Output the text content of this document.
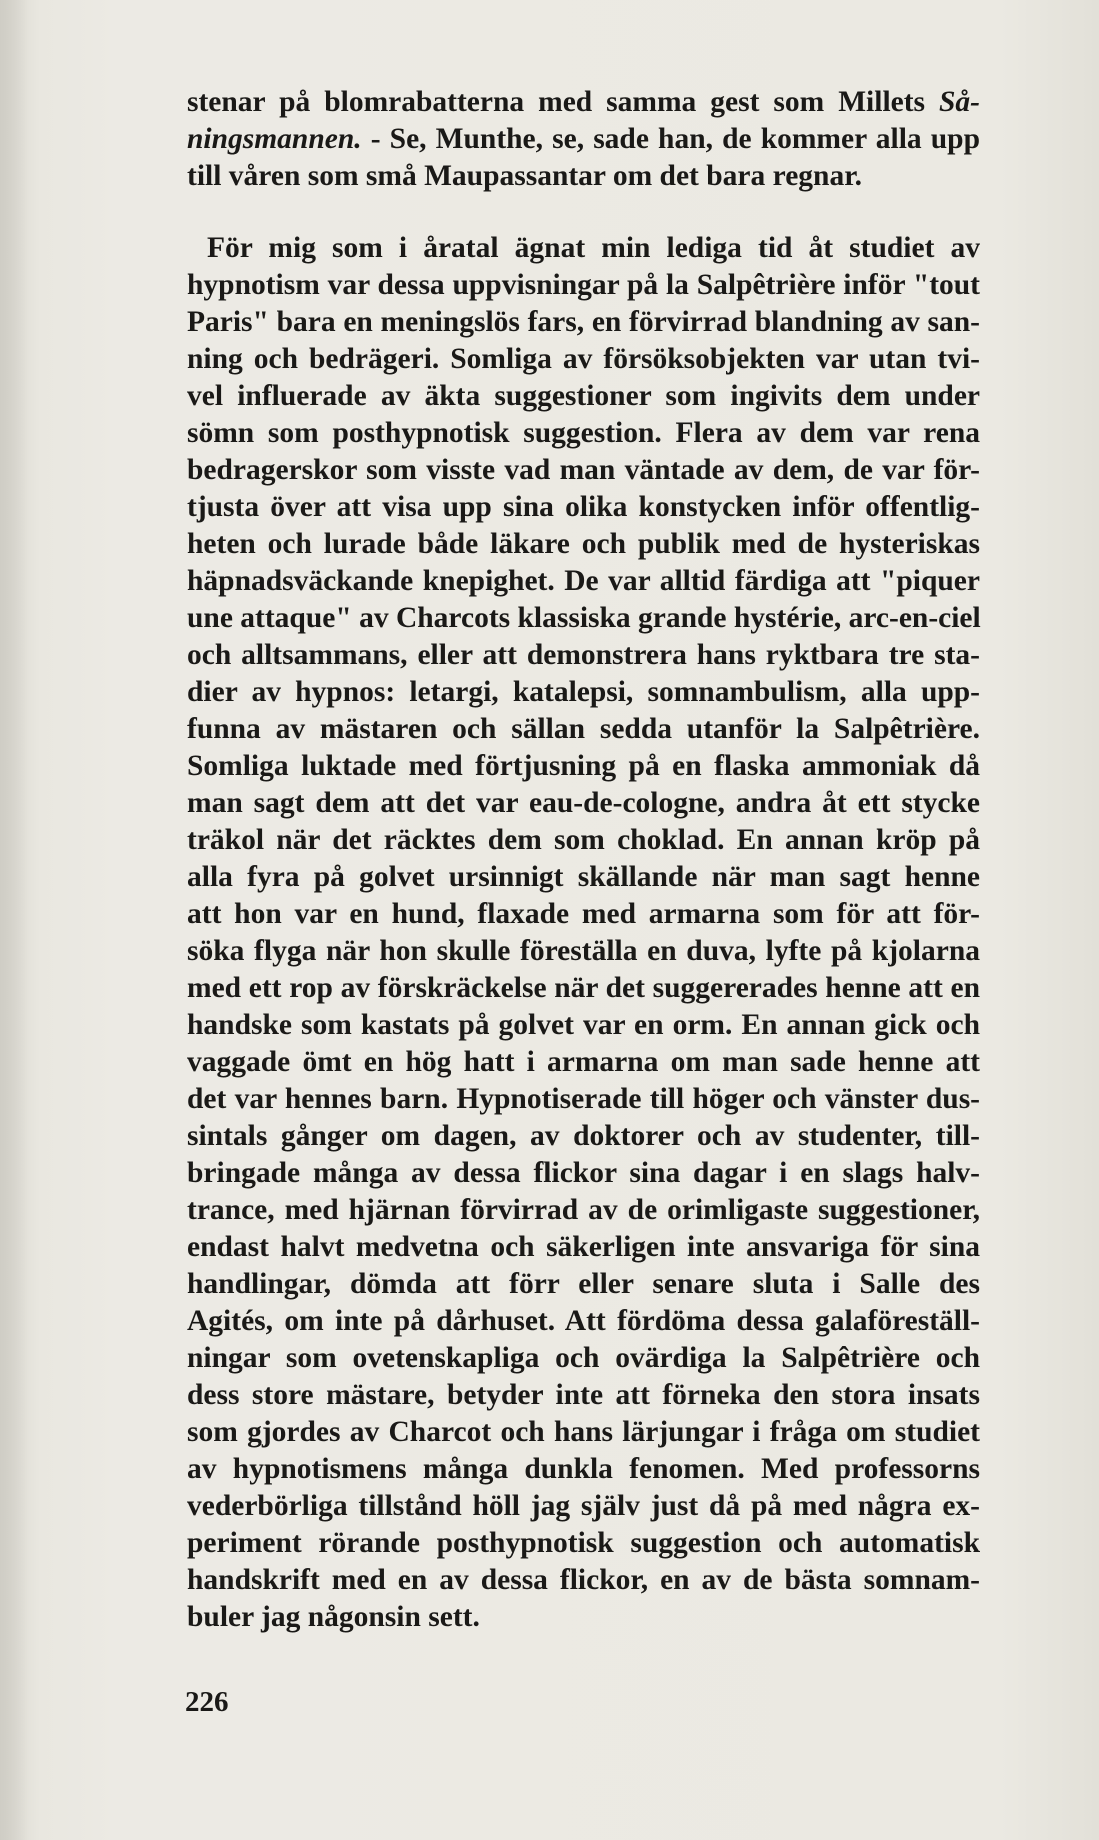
stenar på blomrabatterna med samma gest som Millets Så-
ningsmannen. - Se, Munthe, se, sade han, de kommer alla upp
till våren som små Maupassantar om det bara regnar.
För mig som i åratal ägnat min lediga tid åt studiet av
hypnotism var dessa uppvisningar på la Salpêtrière inför "tout
Paris" bara en meningslös fars, en förvirrad blandning av san-
ning och bedrägeri. Somliga av försöksobjekten var utan tvi-
vel influerade av äkta suggestioner som ingivits dem under
sömn som posthypnotisk suggestion. Flera av dem var rena
bedragerskor som visste vad man väntade av dem, de var för-
tjusta över att visa upp sina olika konstycken inför offentlig-
heten och lurade både läkare och publik med de hysteriskas
häpnadsväckande knepighet. De var alltid färdiga att "piquer
une attaque" av Charcots klassiska grande hystérie, arc-en-ciel
och alltsammans, eller att demonstrera hans ryktbara tre sta-
dier av hypnos: letargi, katalepsi, somnambulism, alla upp-
funna av mästaren och sällan sedda utanför la Salpêtrière.
Somliga luktade med förtjusning på en flaska ammoniak då
man sagt dem att det var eau-de-cologne, andra åt ett stycke
träkol när det räcktes dem som choklad. En annan kröp på
alla fyra på golvet ursinnigt skällande när man sagt henne
att hon var en hund, flaxade med armarna som för att för-
söka flyga när hon skulle föreställa en duva, lyfte på kjolarna
med ett rop av förskräckelse när det suggererades henne att en
handske som kastats på golvet var en orm. En annan gick och
vaggade ömt en hög hatt i armarna om man sade henne att
det var hennes barn. Hypnotiserade till höger och vänster dus-
sintals gånger om dagen, av doktorer och av studenter, till-
bringade många av dessa flickor sina dagar i en slags halv-
trance, med hjärnan förvirrad av de orimligaste suggestioner,
endast halvt medvetna och säkerligen inte ansvariga för sina
handlingar, dömda att förr eller senare sluta i Salle des
Agités, om inte på dårhuset. Att fördöma dessa galaföreställ-
ningar som ovetenskapliga och ovärdiga la Salpêtrière och
dess store mästare, betyder inte att förneka den stora insats
som gjordes av Charcot och hans lärjungar i fråga om studiet
av hypnotismens många dunkla fenomen. Med professorns
vederbörliga tillstånd höll jag själv just då på med några ex-
periment rörande posthypnotisk suggestion och automatisk
handskrift med en av dessa flickor, en av de bästa somnam-
buler jag någonsin sett.
226
